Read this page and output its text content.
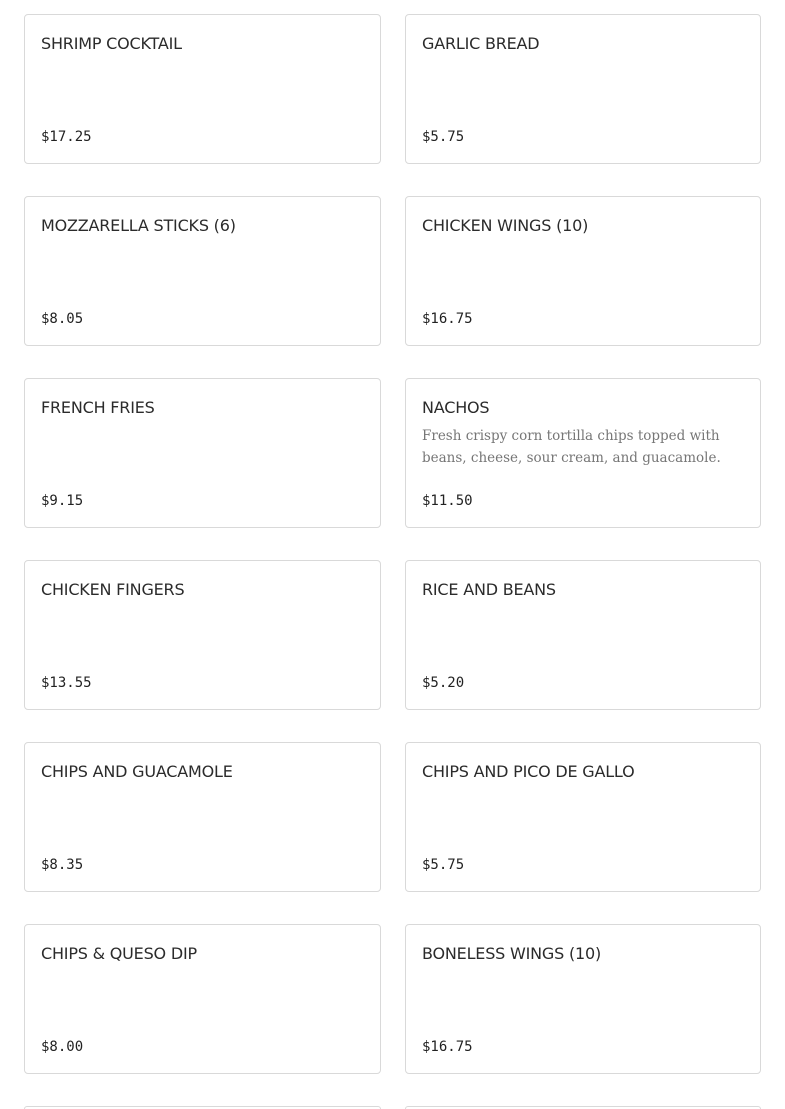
SHRIMP COCKTAIL
$17.25
GARLIC BREAD
$5.75
MOZZARELLA STICKS (6)
$8.05
CHICKEN WINGS (10)
$16.75
FRENCH FRIES
$9.15
NACHOS
Fresh crispy corn tortilla chips topped with beans, cheese, sour cream, and guacamole.
$11.50
CHICKEN FINGERS
$13.55
RICE AND BEANS
$5.20
CHIPS AND GUACAMOLE
$8.35
CHIPS AND PICO DE GALLO
$5.75
CHIPS & QUESO DIP
$8.00
BONELESS WINGS (10)
$16.75
